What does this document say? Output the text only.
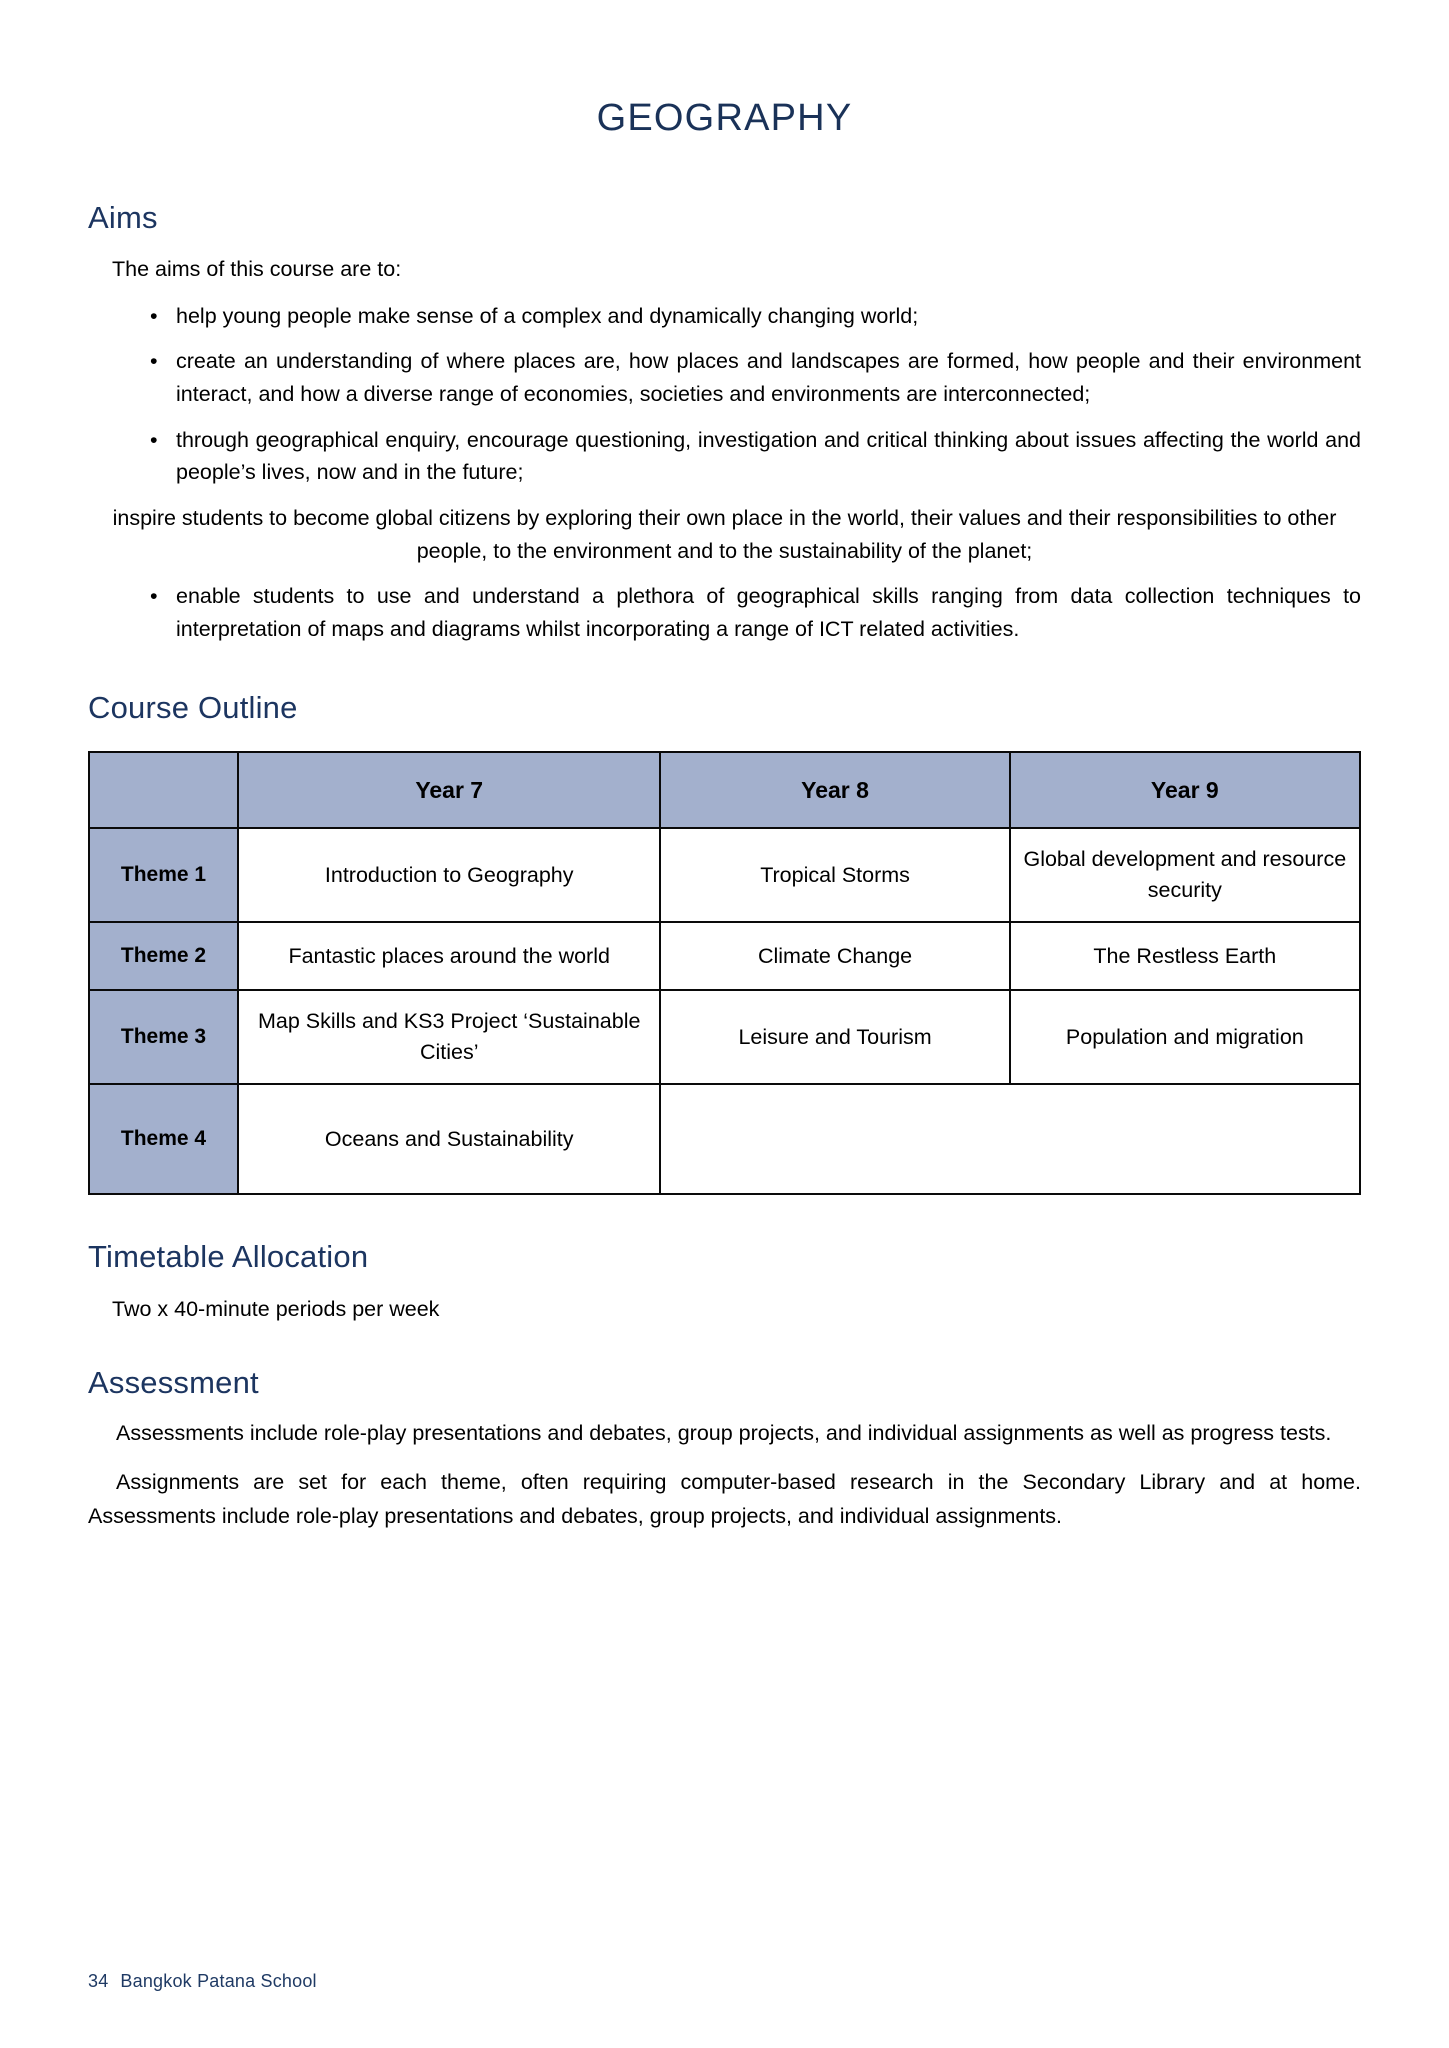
GEOGRAPHY
Aims

The aims of this course are to:

• help young people make sense of a complex and dynamically changing world;
• create an understanding of where places are, how places and landscapes are formed, how people and their environment interact, and how a diverse range of economies, societies and environments are interconnected;
• through geographical enquiry, encourage questioning, investigation and critical thinking about issues affecting the world and people’s lives, now and in the future;
inspire students to become global citizens by exploring their own place in the world, their values and their responsibilities to other people, to the environment and to the sustainability of the planet;
• enable students to use and understand a plethora of geographical skills ranging from data collection techniques to interpretation of maps and diagrams whilst incorporating a range of ICT related activities.
Course Outline
	Year 7	Year 8	Year 9
Theme 1	Introduction to Geography	Tropical Storms	Global development and resource security
Theme 2	Fantastic places around the world	Climate Change	The Restless Earth
Theme 3	Map Skills and KS3 Project ‘Sustainable Cities’	Leisure and Tourism	Population and migration
Theme 4	Oceans and Sustainability		
Timetable Allocation

Two x 40-minute periods per week

Assessment

Assessments include role-play presentations and debates, group projects, and individual assignments as well as progress tests.

Assignments are set for each theme, often requiring computer-based research in the Secondary Library and at home. Assessments include role-play presentations and debates, group projects, and individual assignments.

34 Bangkok Patana School
